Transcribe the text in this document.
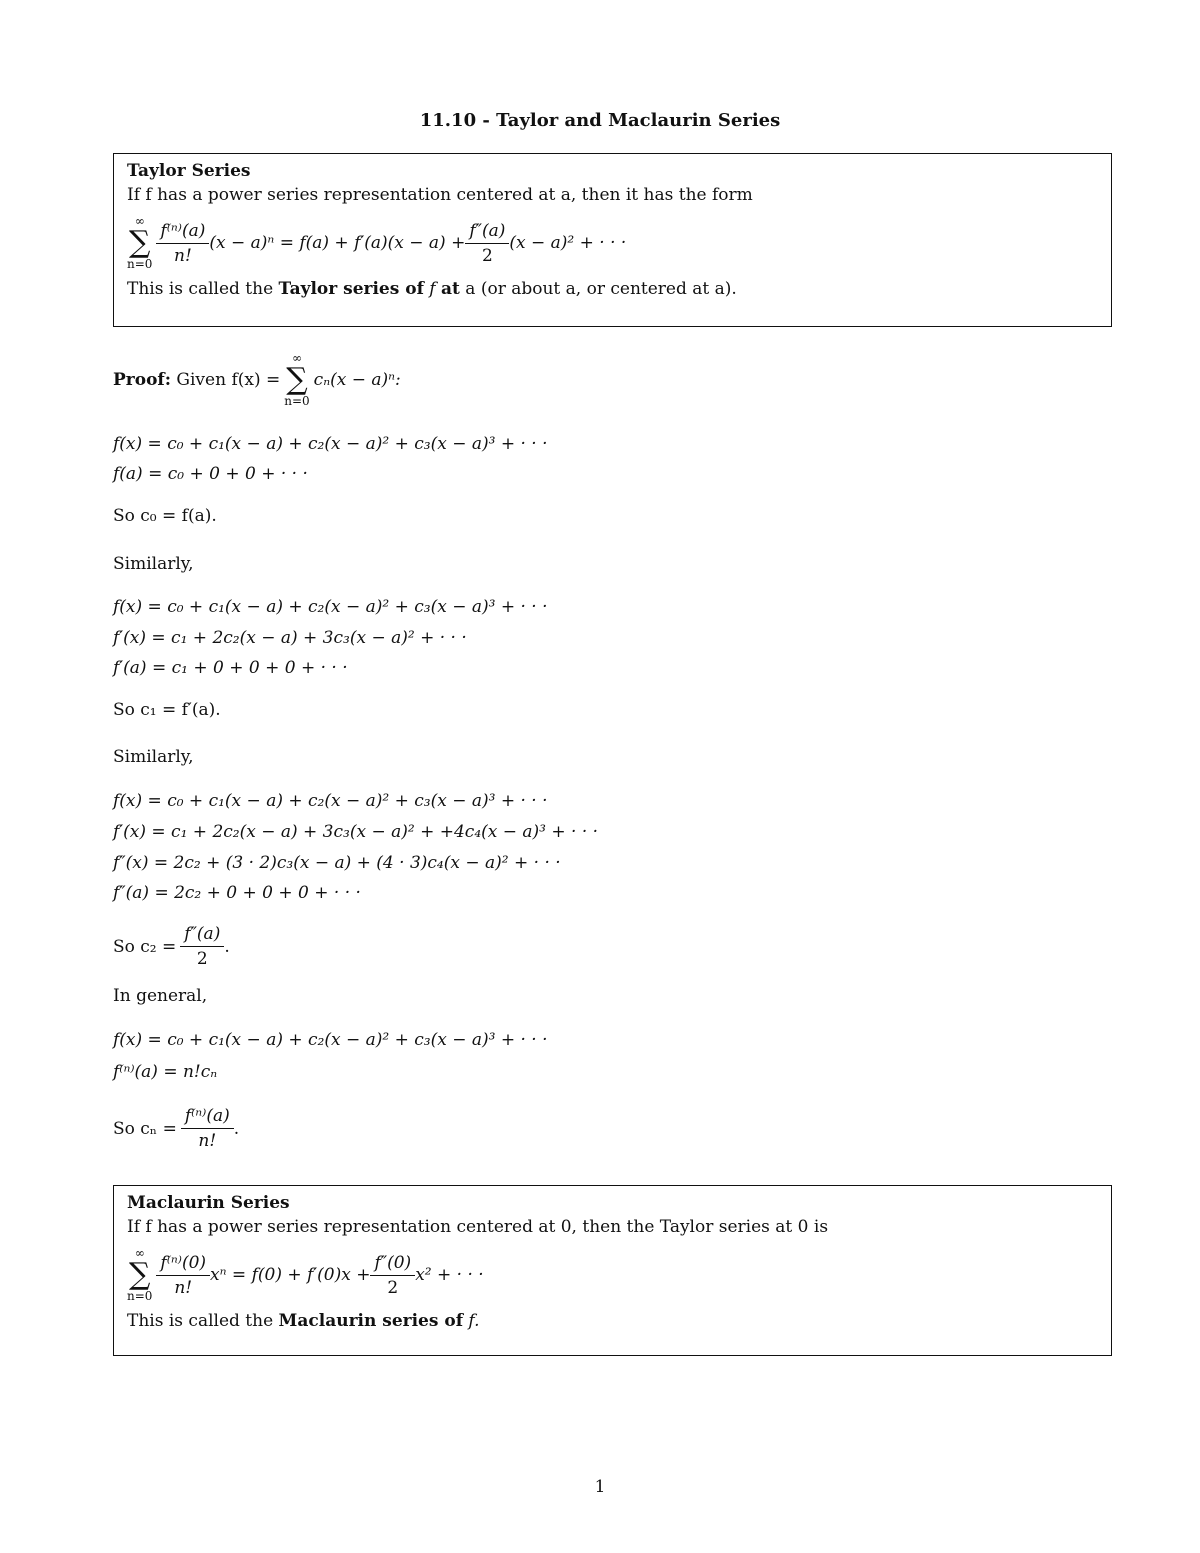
11.10 - Taylor and Maclaurin Series
Taylor Series
If f has a power series representation centered at a, then it has the form
∞
∑
$n=0 \frac{\text{f⁽ⁿ⁾(a)}}{n!} (x - a)^n = f(a) + f'(a)(x - a) + \frac{f''(a)}{2} (x - a)^2$ + · · ·
This is called the Taylor series of f at a (or about a, or centered at a).
Proof: Given f(x) =
∞
∑
n=0
cₙ(x − a)ⁿ:
f(x) = c₀ + c₁(x − a) + c₂(x − a)² + c₃(x − a)³ + · · ·
f(a) = c₀ + 0 + 0 + · · ·
So c₀ = f(a).
Similarly,
f(x) = c₀ + c₁(x − a) + c₂(x − a)² + c₃(x − a)³ + · · ·
f′(x) = c₁ + 2c₂(x − a) + 3c₃(x − a)² + · · ·
f′(a) = c₁ + 0 + 0 + 0 + · · ·
So c₁ = f′(a).
Similarly,
f(x) = c₀ + c₁(x − a) + c₂(x − a)² + c₃(x − a)³ + · · ·
f′(x) = c₁ + 2c₂(x − a) + 3c₃(x − a)² + +4c₄(x − a)³ + · · ·
f″(x) = 2c₂ + (3 · 2)c₃(x − a) + (4 · 3)c₄(x − a)² + · · ·
f″(a) = 2c₂ + 0 + 0 + 0 + · · ·
So $c_2 = \frac{f''(a)}{2}$ .
In general,
f(x) = c₀ + c₁(x − a) + c₂(x − a)² + c₃(x − a)³ + · · ·
f⁽ⁿ⁾(a) = n!cₙ
So $c_n = \frac{\text{f⁽ⁿ⁾(a)}}{n!}$ .
Maclaurin Series
If f has a power series representation centered at 0, then the Taylor series at 0 is
∞
∑
$n=0 \frac{\text{f⁽ⁿ⁾(0)}}{n!}$ $x^n = f(0) + f'(0)x + \frac{f''(0)}{2} x^2$ + · · ·
This is called the Maclaurin series of f.
1
